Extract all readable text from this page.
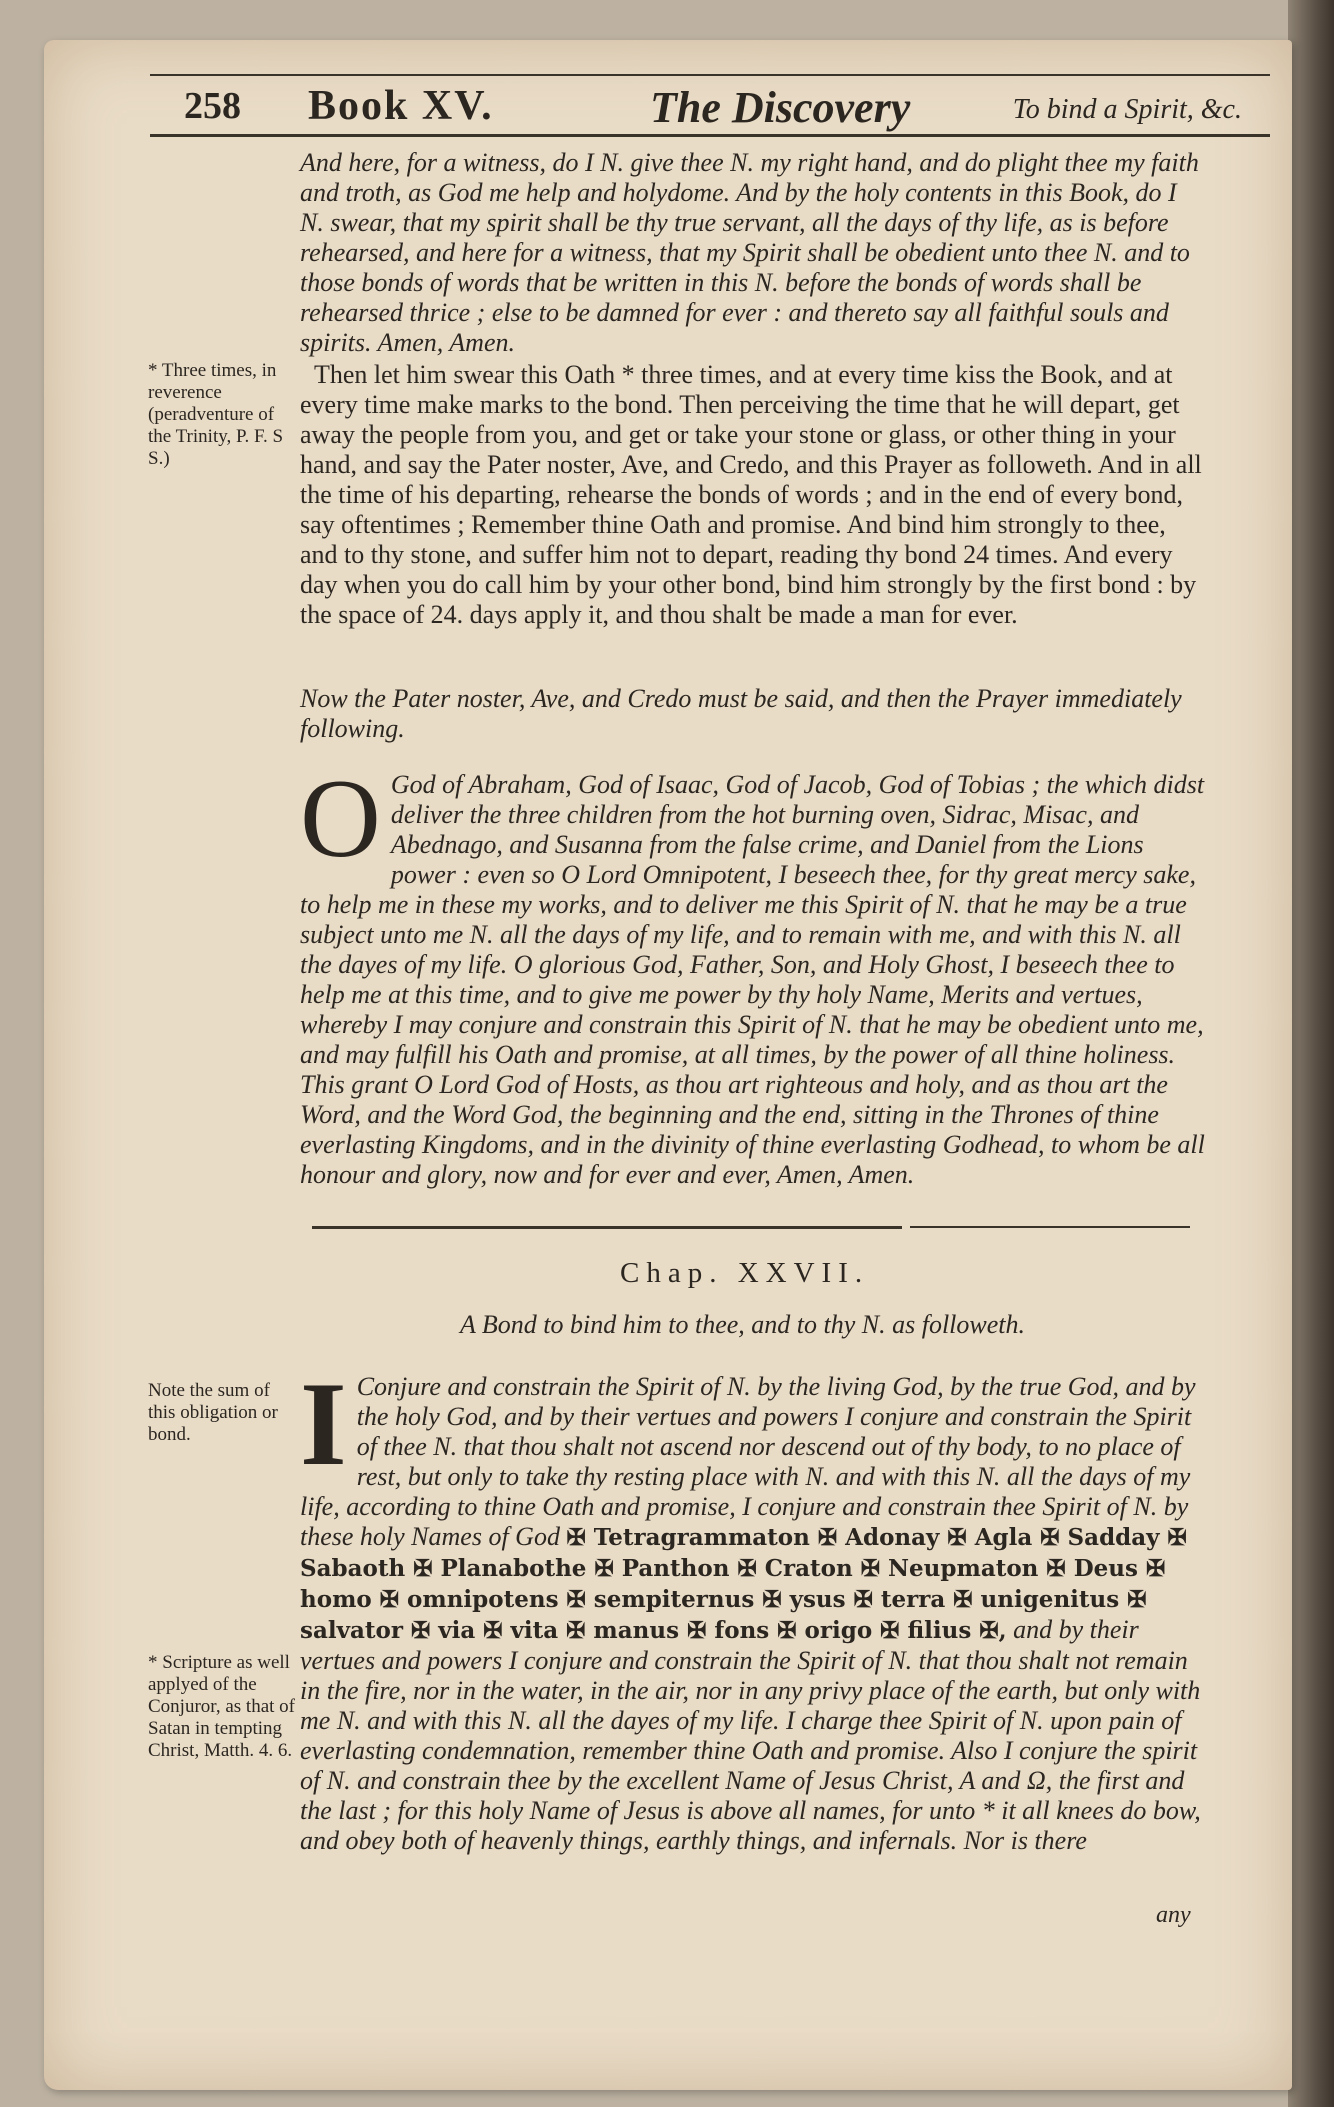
258 Book XV.	The Discovery	To bind a Spirit, &c.
And here, for a witness, do I N. give thee N. my right hand, and do plight thee my faith and troth, as God me help and holydome. And by the holy contents in this Book, do I N. swear, that my spirit shall be thy true servant, all the days of thy life, as is before rehearsed, and here for a witness, that my Spirit shall be obedient unto thee N. and to those bonds of words that be written in this N. before the bonds of words shall be rehearsed thrice ; else to be damned for ever : and thereto say all faithful souls and spirits. Amen, Amen.
* Three times, in reverence (peradventure of the Trinity, P. F. S S.)
Then let him swear this Oath * three times, and at every time kiss the Book, and at every time make marks to the bond. Then perceiving the time that he will depart, get away the people from you, and get or take your stone or glass, or other thing in your hand, and say the Pater noster, Ave, and Credo, and this Prayer as followeth. And in all the time of his departing, rehearse the bonds of words ; and in the end of every bond, say oftentimes ; Remember thine Oath and promise. And bind him strongly to thee, and to thy stone, and suffer him not to depart, reading thy bond 24 times. And every day when you do call him by your other bond, bind him strongly by the first bond : by the space of 24. days apply it, and thou shalt be made a man for ever.
Now the Pater noster, Ave, and Credo must be said, and then the Prayer immediately following.
O God of Abraham, God of Isaac, God of Jacob, God of Tobias ; the which didst deliver the three children from the hot burning oven, Sidrac, Misac, and Abednago, and Susanna from the false crime, and Daniel from the Lions power : even so O Lord Omnipotent, I beseech thee, for thy great mercy sake, to help me in these my works, and to deliver me this Spirit of N. that he may be a true subject unto me N. all the days of my life, and to remain with me, and with this N. all the dayes of my life. O glorious God, Father, Son, and Holy Ghost, I beseech thee to help me at this time, and to give me power by thy holy Name, Merits and vertues, whereby I may conjure and constrain this Spirit of N. that he may be obedient unto me, and may fulfill his Oath and promise, at all times, by the power of all thine holiness. This grant O Lord God of Hosts, as thou art righteous and holy, and as thou art the Word, and the Word God, the beginning and the end, sitting in the Thrones of thine everlasting Kingdoms, and in the divinity of thine everlasting Godhead, to whom be all honour and glory, now and for ever and ever, Amen, Amen.
Chap. XXVII.
A Bond to bind him to thee, and to thy N. as followeth.
Note the sum of this obligation or bond.
* Scripture as well applyed of the Conjuror, as that of Satan in tempting Christ, Matth. 4. 6.
I Conjure and constrain the Spirit of N. by the living God, by the true God, and by the holy God, and by their vertues and powers I conjure and constrain the Spirit of thee N. that thou shalt not ascend nor descend out of thy body, to no place of rest, but only to take thy resting place with N. and with this N. all the days of my life, according to thine Oath and promise, I conjure and constrain thee Spirit of N. by these holy Names of God ✠ Tetragrammaton ✠ Adonay ✠ Agla ✠ Sadday ✠ Sabaoth ✠ Planabothe ✠ Panthon ✠ Craton ✠ Neupmaton ✠ Deus ✠ homo ✠ omnipotens ✠ sempiternus ✠ ysus ✠ terra ✠ unigenitus ✠ salvator ✠ via ✠ vita ✠ manus ✠ fons ✠ origo ✠ filius ✠, and by their vertues and powers I conjure and constrain the Spirit of N. that thou shalt not remain in the fire, nor in the water, in the air, nor in any privy place of the earth, but only with me N. and with this N. all the dayes of my life. I charge thee Spirit of N. upon pain of everlasting condemnation, remember thine Oath and promise. Also I conjure the spirit of N. and constrain thee by the excellent Name of Jesus Christ, A and Ω, the first and the last ; for this holy Name of Jesus is above all names, for unto * it all knees do bow, and obey both of heavenly things, earthly things, and infernals. Nor is there
any
